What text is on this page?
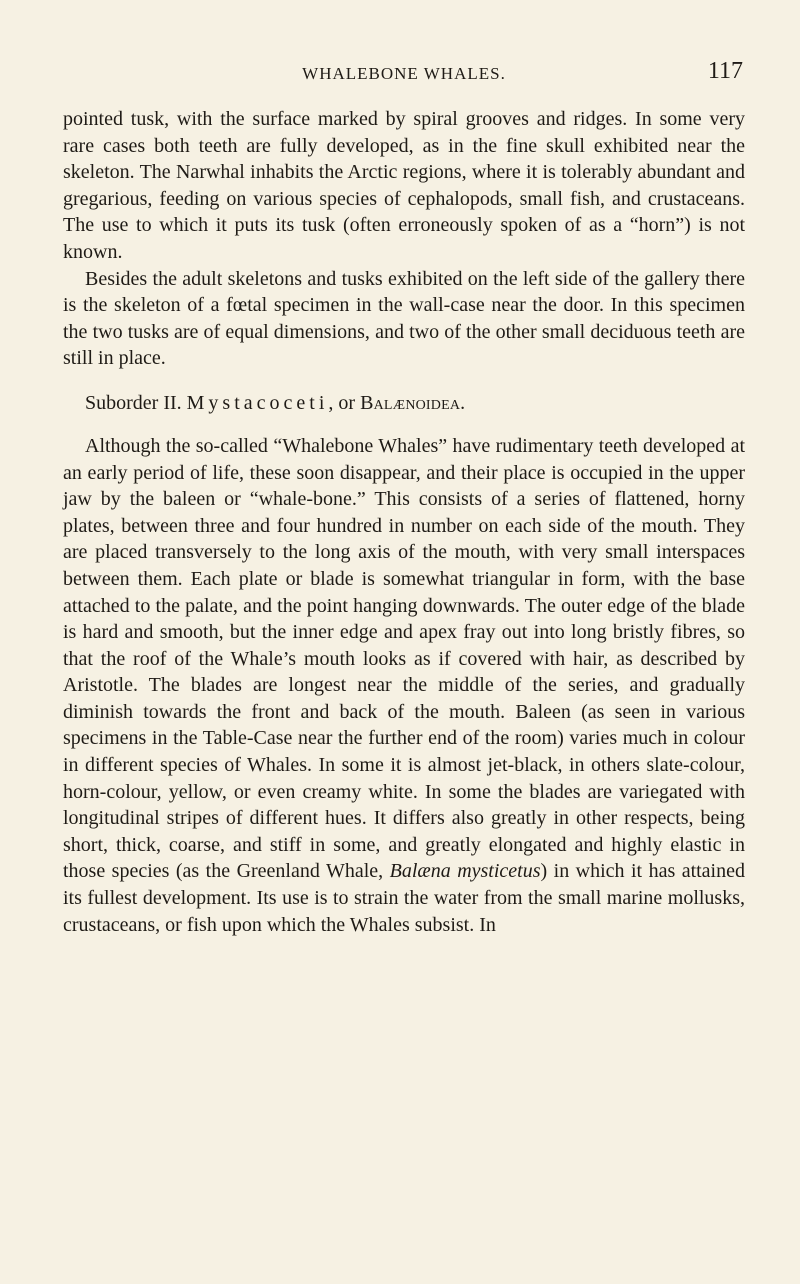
WHALEBONE WHALES.	117

pointed tusk, with the surface marked by spiral grooves and ridges. In some very rare cases both teeth are fully developed, as in the fine skull exhibited near the skeleton. The Narwhal inhabits the Arctic regions, where it is tolerably abundant and gregarious, feeding on various species of cephalopods, small fish, and crustaceans. The use to which it puts its tusk (often erroneously spoken of as a “horn”) is not known.

Besides the adult skeletons and tusks exhibited on the left side of the gallery there is the skeleton of a fœtal specimen in the wall-case near the door. In this specimen the two tusks are of equal dimensions, and two of the other small deciduous teeth are still in place.

Suborder II. Mystacoceti, or Balænoidea.

Although the so-called “Whalebone Whales” have rudimentary teeth developed at an early period of life, these soon disappear, and their place is occupied in the upper jaw by the baleen or “whale-bone.” This consists of a series of flattened, horny plates, between three and four hundred in number on each side of the mouth. They are placed transversely to the long axis of the mouth, with very small interspaces between them. Each plate or blade is somewhat triangular in form, with the base attached to the palate, and the point hanging downwards. The outer edge of the blade is hard and smooth, but the inner edge and apex fray out into long bristly fibres, so that the roof of the Whale’s mouth looks as if covered with hair, as described by Aristotle. The blades are longest near the middle of the series, and gradually diminish towards the front and back of the mouth. Baleen (as seen in various specimens in the Table-Case near the further end of the room) varies much in colour in different species of Whales. In some it is almost jet-black, in others slate-colour, horn-colour, yellow, or even creamy white. In some the blades are variegated with longitudinal stripes of different hues. It differs also greatly in other respects, being short, thick, coarse, and stiff in some, and greatly elongated and highly elastic in those species (as the Greenland Whale, Balæna mysticetus) in which it has attained its fullest development. Its use is to strain the water from the small marine mollusks, crustaceans, or fish upon which the Whales subsist. In
